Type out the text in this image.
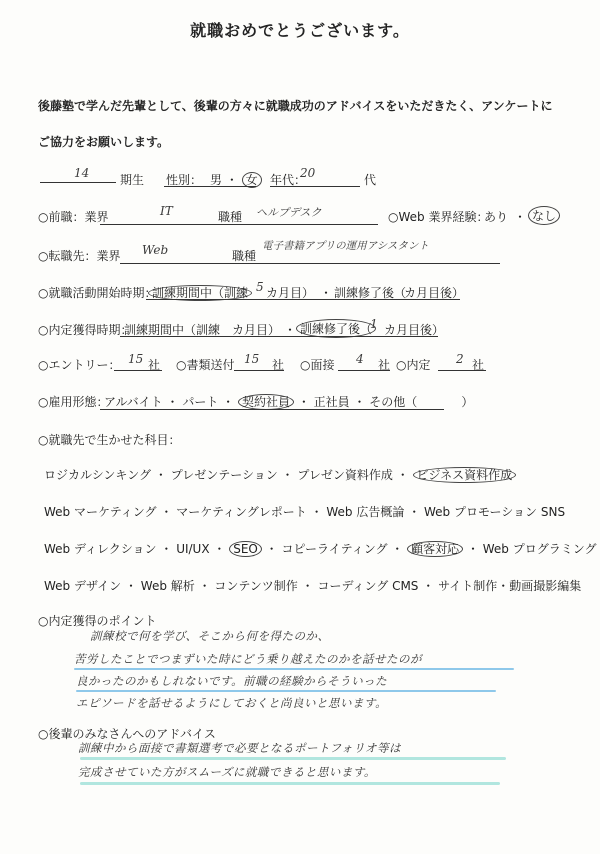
就職おめでとうございます。
後藤塾で学んだ先輩として、後輩の方々に就職成功のアドバイスをいただきたく、アンケートに
ご協力をお願いします。
14	期生 性別： 男 ・ 女	年代：
20	代
○前職：業界	IT	職種 ヘルプデスク	○Web 業界経験：
あり ・ なし
○転職先：業界 Web	職種
電子書籍アプリの運用アシスタント
○就職活動開始時期：
訓練期間中（訓練 5 カ月目） ・ 訓練修了後（
カ月目後）
○内定獲得時期：
訓練期間中（訓練 カ月目） ・ 訓練修了後（
1 カ月目後）
○エントリー： 15 社 ○書類送付 15 社 ○面接 4 社 ○内定 2 社
○雇用形態：
アルバイト ・ パート ・ 契約社員 ・ 正社員 ・ その他（	）
○就職先で生かせた科目：
ロジカルシンキング ・ プレゼンテーション ・ プレゼン資料作成 ・ ビジネス資料作成
Web マーケティング ・ マーケティングレポート ・ Web 広告概論 ・ Web プロモーション SNS
Web ディレクション ・ UI/UX ・ SEO ・ コピーライティング ・ 顧客対応 ・ Web プログラミング
Web デザイン ・ Web 解析 ・ コンテンツ制作 ・ コーディング CMS ・ サイト制作・動画撮影編集
○内定獲得のポイント
訓練校で何を学び、そこから何を得たのか、
苦労したことでつまずいた時にどう乗り越えたのかを話せたのが
良かったのかもしれないです。前職の経験からそういった
エピソードを話せるようにしておくと尚良いと思います。
○後輩のみなさんへのアドバイス
訓練中から面接で書類選考で必要となるポートフォリオ等は
完成させていた方がスムーズに就職できると思います。
